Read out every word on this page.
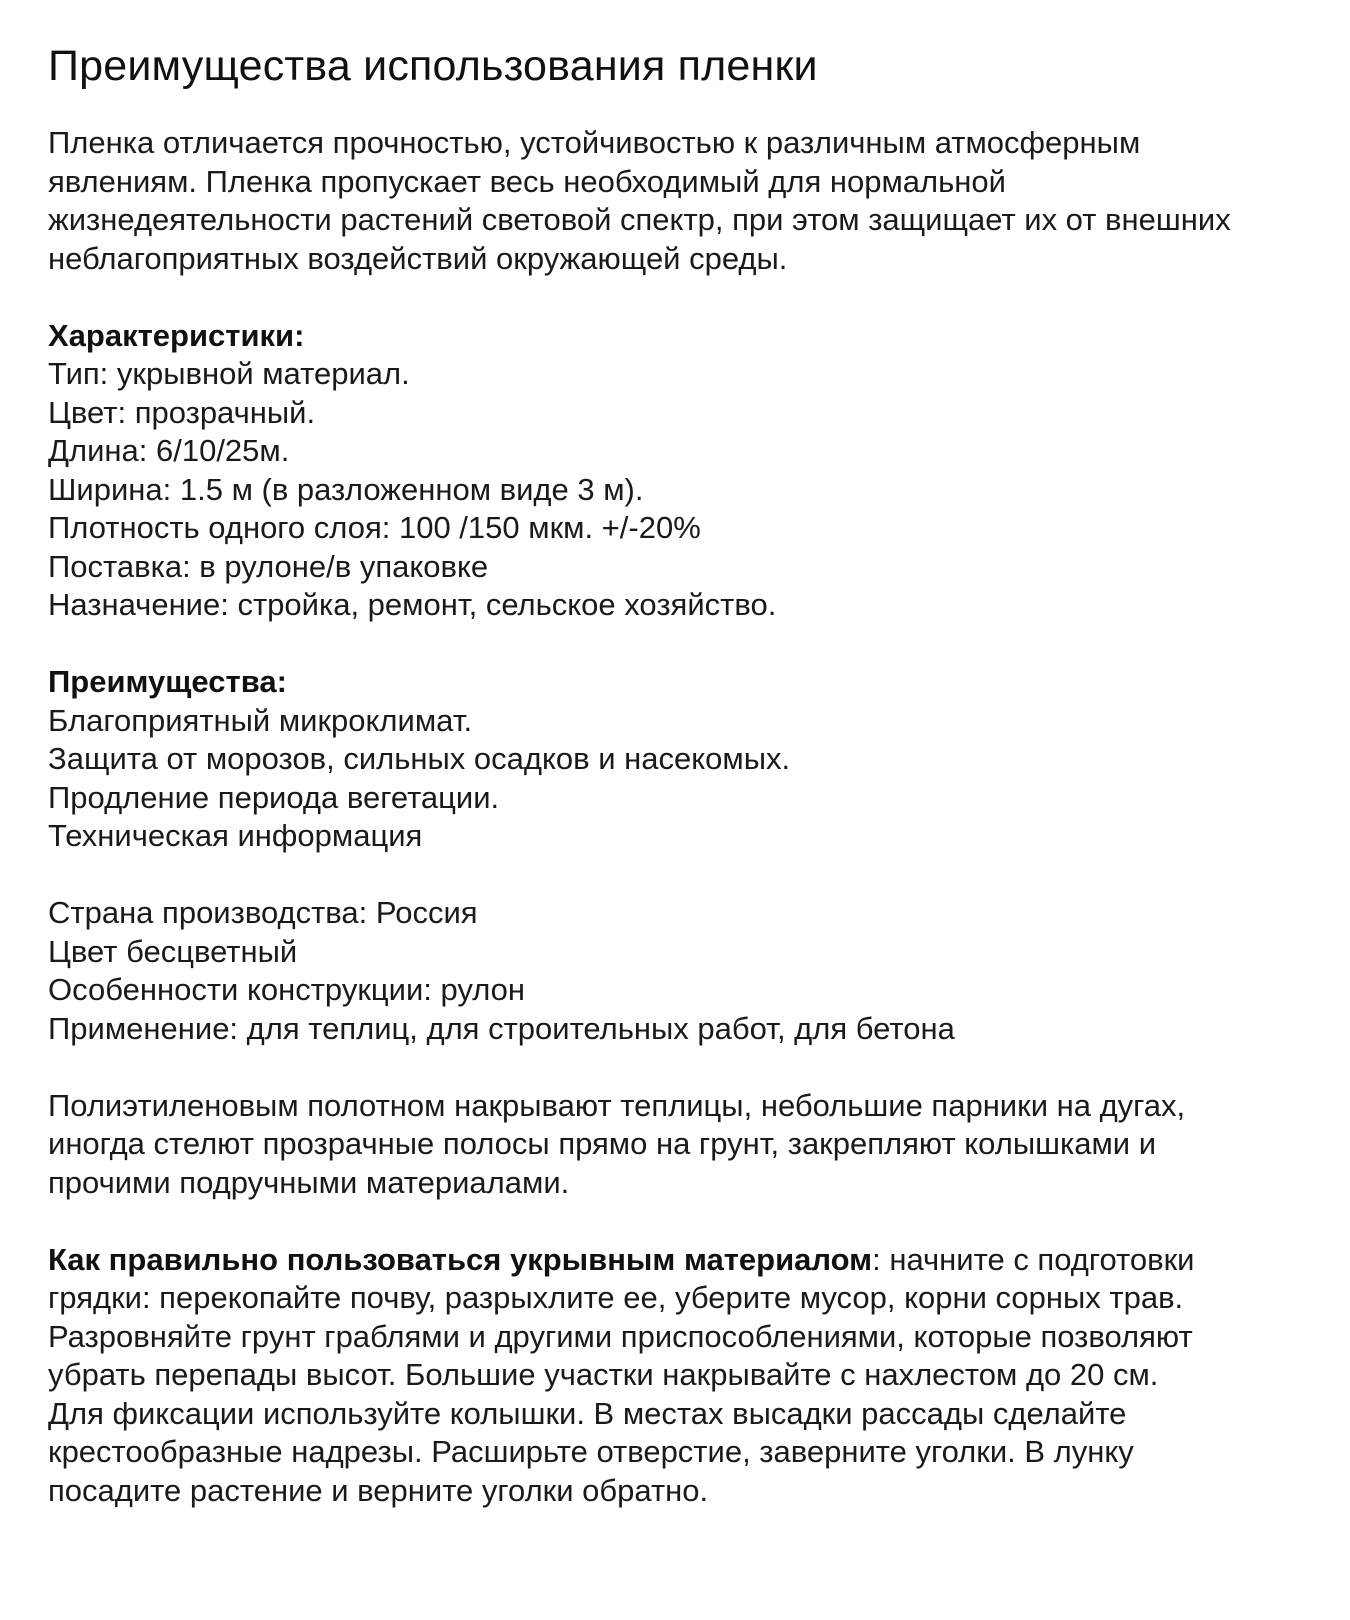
Преимущества использования пленки

Пленка отличается прочностью, устойчивостью к различным атмосферным
явлениям. Пленка пропускает весь необходимый для нормальной
жизнедеятельности растений световой спектр, при этом защищает их от внешних
неблагоприятных воздействий окружающей среды.

Характеристики:
Тип: укрывной материал.
Цвет: прозрачный.
Длина: 6/10/25м.
Ширина: 1.5 м (в разложенном виде 3 м).
Плотность одного слоя: 100 /150 мкм. +/-20%
Поставка: в рулоне/в упаковке
Назначение: стройка, ремонт, сельское хозяйство.
Преимущества:
Благоприятный микроклимат.
Защита от морозов, сильных осадков и насекомых.
Продление периода вегетации.
Техническая информация
Страна производства: Россия
Цвет бесцветный
Особенности конструкции: рулон
Применение: для теплиц, для строительных работ, для бетона

Полиэтиленовым полотном накрывают теплицы, небольшие парники на дугах,
иногда стелют прозрачные полосы прямо на грунт, закрепляют колышками и
прочими подручными материалами.

Как правильно пользоваться укрывным материалом: начните с подготовки
грядки: перекопайте почву, разрыхлите ее, уберите мусор, корни сорных трав.
Разровняйте грунт граблями и другими приспособлениями, которые позволяют
убрать перепады высот. Большие участки накрывайте с нахлестом до 20 см.
Для фиксации используйте колышки. В местах высадки рассады сделайте
крестообразные надрезы. Расширьте отверстие, заверните уголки. В лунку
посадите растение и верните уголки обратно.
